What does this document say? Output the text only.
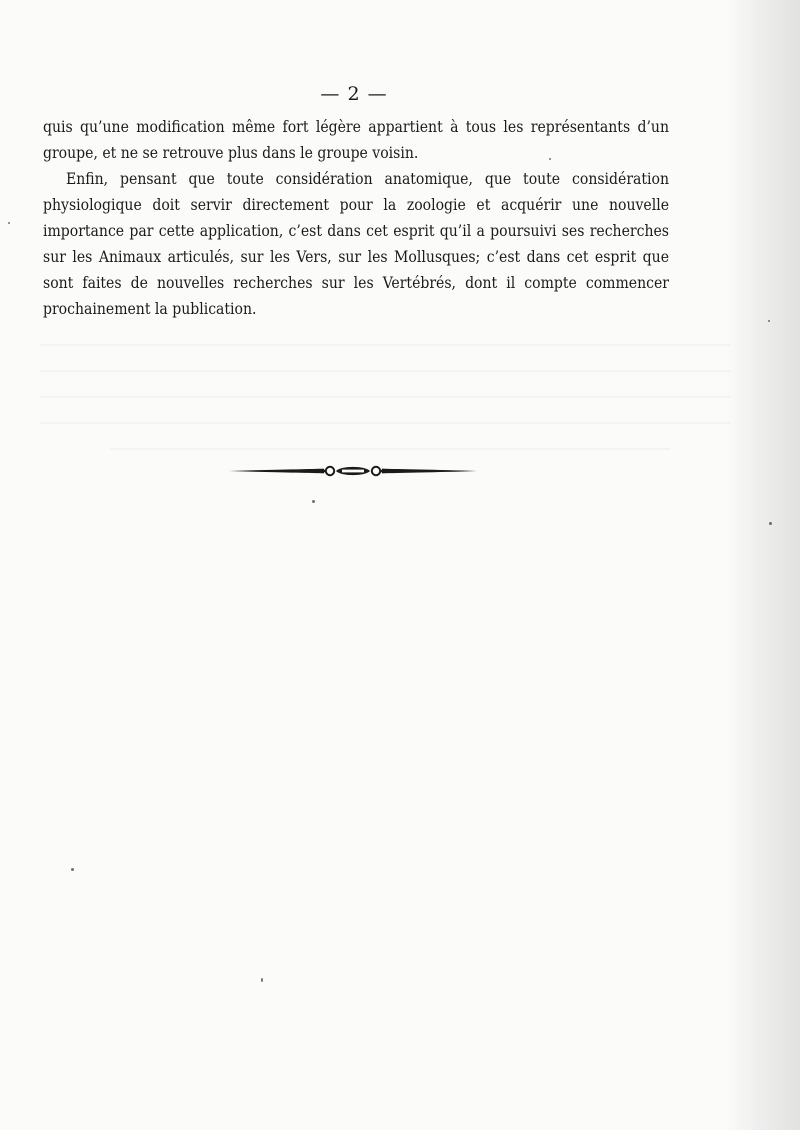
— 2 —

quis qu’une modification même fort légère appartient à tous les représentants d’un groupe, et ne se retrouve plus dans le groupe voisin.

Enfin, pensant que toute considération anatomique, que toute considération physiologique doit servir directement pour la zoologie et acquérir une nouvelle importance par cette application, c’est dans cet esprit qu’il a poursuivi ses recherches sur les Animaux articulés, sur les Vers, sur les Mollusques; c’est dans cet esprit que sont faites de nouvelles recherches sur les Vertébrés, dont il compte commencer prochainement la publication.
